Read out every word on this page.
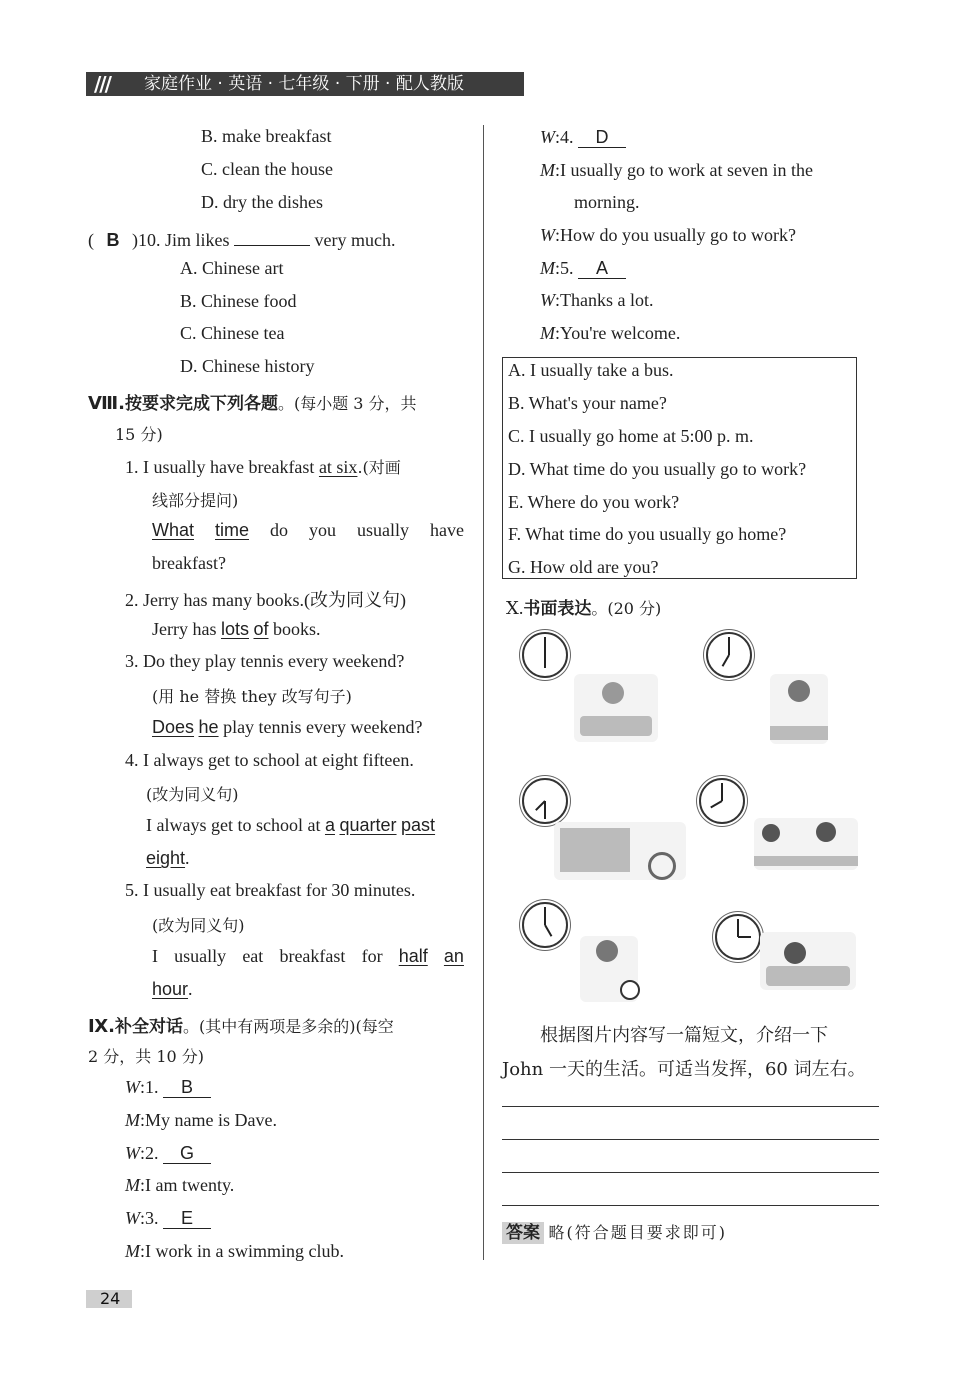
/// 家庭作业 · 英语 · 七年级 · 下册 · 配人教版
B. make breakfast
C. clean the house
D. dry the dishes
( B )10. Jim likes	very much.
A. Chinese art
B. Chinese food
C. Chinese tea
D. Chinese history
Ⅷ.按要求完成下列各题。(每小题 3 分，共
15 分)
1. I usually have breakfast at six.(对画
线部分提问)
What time do you usually have
breakfast?
2. Jerry has many books.(改为同义句)
Jerry has lots of books.
3. Do they play tennis every weekend?
(用 he 替换 they 改写句子)
Does he play tennis every weekend?
4. I always get to school at eight fifteen.
(改为同义句)
I always get to school at a quarter past
eight.
5. I usually eat breakfast for 30 minutes.
(改为同义句)
I usually eat breakfast for half an
hour.
Ⅸ.补全对话。(其中有两项是多余的)(每空
2 分，共 10 分)
W:1. B
M:My name is Dave.
W:2. G
M:I am twenty.
W:3. E
M:I work in a swimming club.
W:4. D
M:I usually go to work at seven in the
morning.
W:How do you usually go to work?
M:5. A
W:Thanks a lot.
M:You're welcome.
A. I usually take a bus.
B. What's your name?
C. I usually go home at 5:00 p. m.
D. What time do you usually go to work?
E. Where do you work?
F. What time do you usually go home?
G. How old are you?
Ⅹ.书面表达。(20 分)
根据图片内容写一篇短文，介绍一下
John 一天的生活。可适当发挥，60 词左右。
答案 略(符合题目要求即可)
24
